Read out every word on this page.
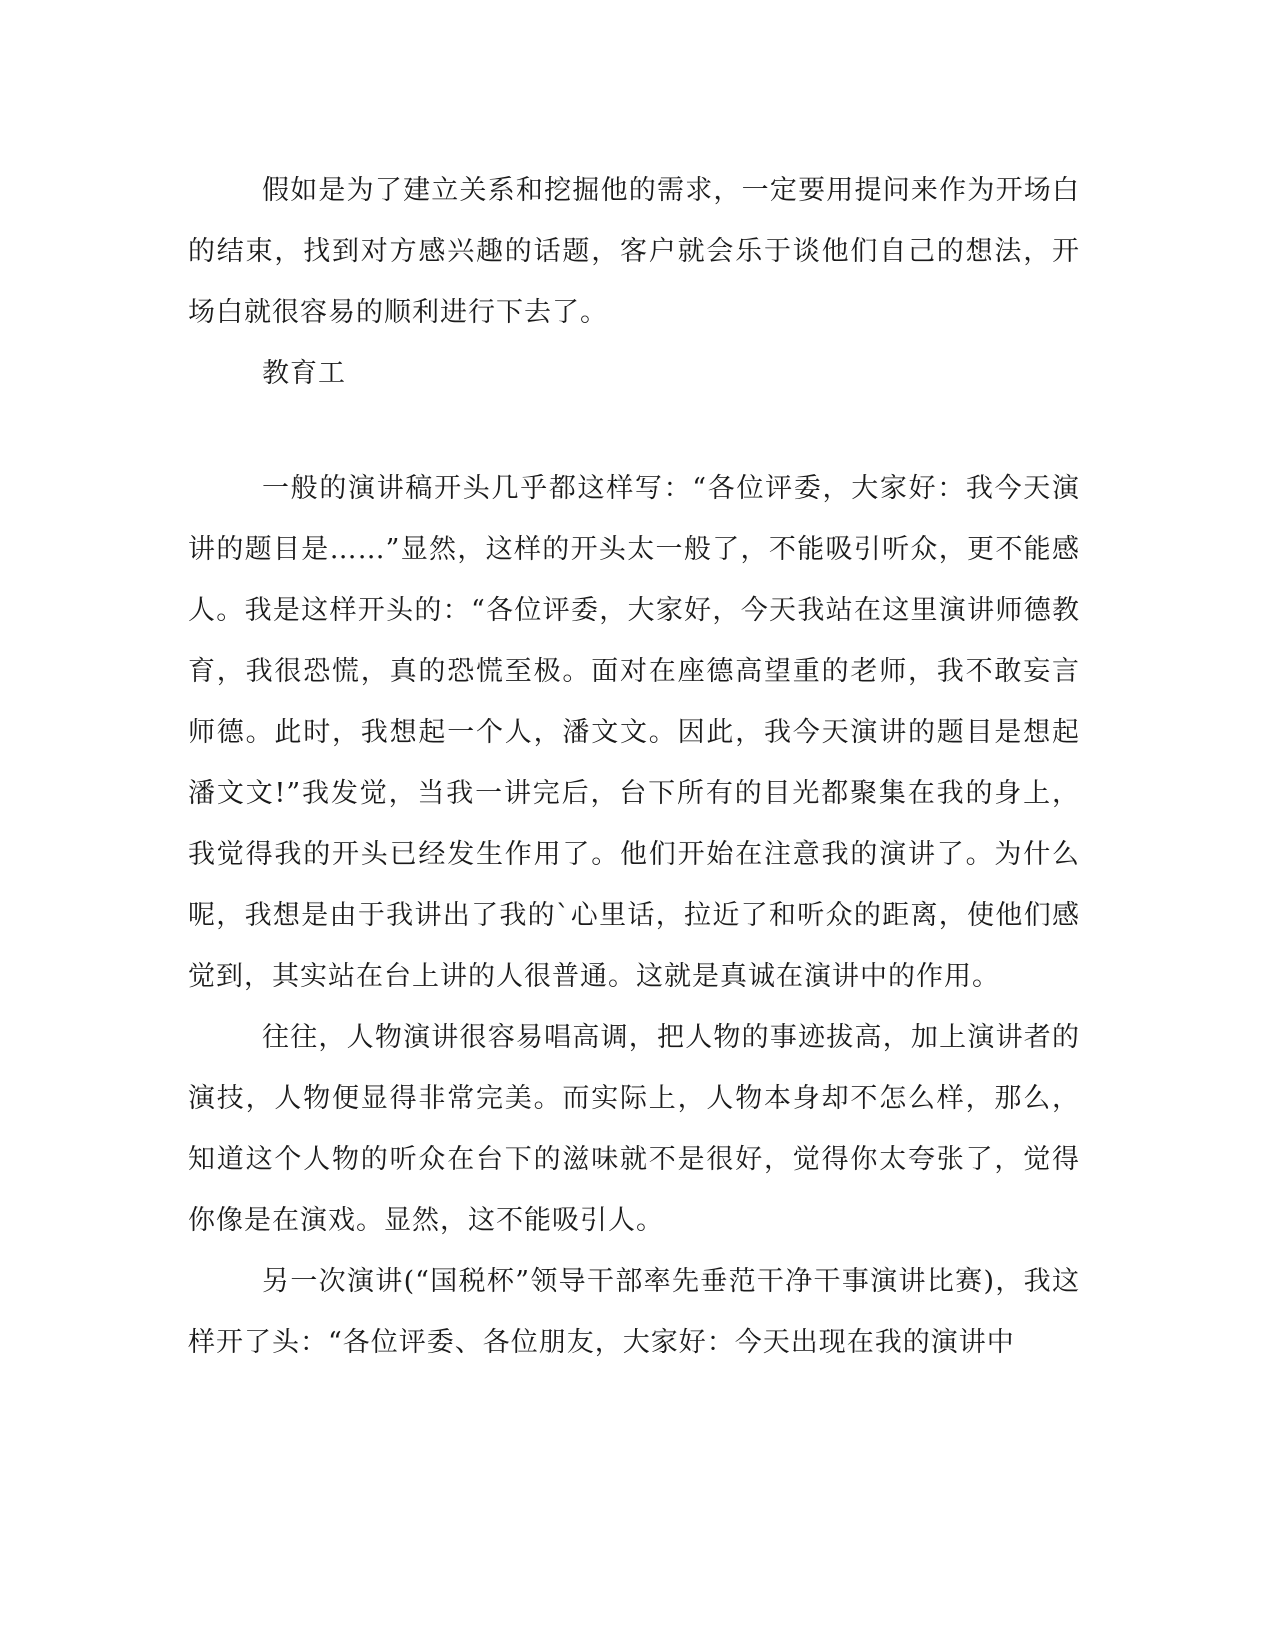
假如是为了建立关系和挖掘他的需求，一定要用提问来作为开场白的结束，找到对方感兴趣的话题，客户就会乐于谈他们自己的想法，开场白就很容易的顺利进行下去了。

教育工

一般的演讲稿开头几乎都这样写：“各位评委，大家好：我今天演讲的题目是……”显然，这样的开头太一般了，不能吸引听众，更不能感人。我是这样开头的：“各位评委，大家好，今天我站在这里演讲师德教育，我很恐慌，真的恐慌至极。面对在座德高望重的老师，我不敢妄言师德。此时，我想起一个人，潘文文。因此，我今天演讲的题目是想起潘文文!”我发觉，当我一讲完后，台下所有的目光都聚集在我的身上，我觉得我的开头已经发生作用了。他们开始在注意我的演讲了。为什么呢，我想是由于我讲出了我的`心里话，拉近了和听众的距离，使他们感觉到，其实站在台上讲的人很普通。这就是真诚在演讲中的作用。

往往，人物演讲很容易唱高调，把人物的事迹拔高，加上演讲者的演技，人物便显得非常完美。而实际上，人物本身却不怎么样，那么，知道这个人物的听众在台下的滋味就不是很好，觉得你太夸张了，觉得你像是在演戏。显然，这不能吸引人。

另一次演讲(“国税杯”领导干部率先垂范干净干事演讲比赛)，我这样开了头：“各位评委、各位朋友，大家好：今天出现在我的演讲中
